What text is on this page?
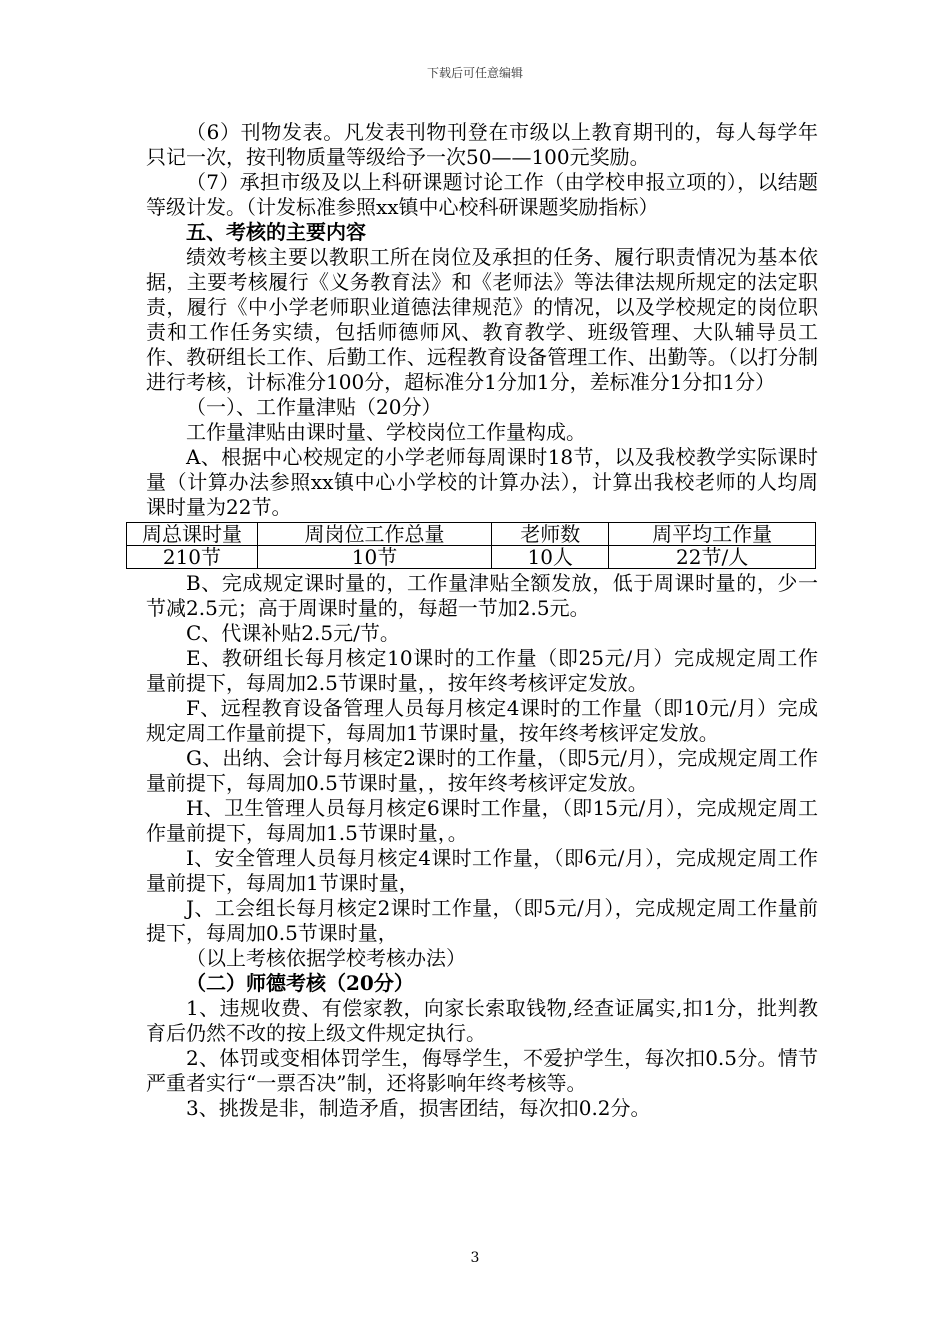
下载后可任意编辑

（6）刊物发表。凡发表刊物刊登在市级以上教育期刊的，每人每学年只记一次，按刊物质量等级给予一次50——100元奖励。

（7）承担市级及以上科研课题讨论工作（由学校申报立项的），以结题等级计发。（计发标准参照xx镇中心校科研课题奖励指标）

五、考核的主要内容

绩效考核主要以教职工所在岗位及承担的任务、履行职责情况为基本依据，主要考核履行《义务教育法》和《老师法》等法律法规所规定的法定职责，履行《中小学老师职业道德法律规范》的情况，以及学校规定的岗位职责和工作任务实绩，包括师德师风、教育教学、班级管理、大队辅导员工作、教研组长工作、后勤工作、远程教育设备管理工作、出勤等。（以打分制进行考核，计标准分100分，超标准分1分加1分，差标准分1分扣1分）

（一）、工作量津贴（20分）

工作量津贴由课时量、学校岗位工作量构成。

A、根据中心校规定的小学老师每周课时18节，以及我校教学实际课时量（计算办法参照xx镇中心小学校的计算办法），计算出我校老师的人均周课时量为22节。

周总课时量	周岗位工作总量	老师数	周平均工作量
210节	10节	10人	22节/人

B、完成规定课时量的，工作量津贴全额发放，低于周课时量的，少一节减2.5元；高于周课时量的，每超一节加2.5元。

C、代课补贴2.5元/节。

E、教研组长每月核定10课时的工作量（即25元/月）完成规定周工作量前提下，每周加2.5节课时量，，按年终考核评定发放。

F、远程教育设备管理人员每月核定4课时的工作量（即10元/月）完成规定周工作量前提下，每周加1节课时量，按年终考核评定发放。

G、出纳、会计每月核定2课时的工作量，（即5元/月），完成规定周工作量前提下，每周加0.5节课时量，，按年终考核评定发放。

H、卫生管理人员每月核定6课时工作量，（即15元/月），完成规定周工作量前提下，每周加1.5节课时量，。

I、安全管理人员每月核定4课时工作量，（即6元/月），完成规定周工作量前提下，每周加1节课时量，

J、工会组长每月核定2课时工作量，（即5元/月），完成规定周工作量前提下，每周加0.5节课时量，

（以上考核依据学校考核办法）

（二）师德考核（20分）

1、违规收费、有偿家教，向家长索取钱物,经查证属实,扣1分，批判教育后仍然不改的按上级文件规定执行。

2、体罚或变相体罚学生，侮辱学生，不爱护学生，每次扣0.5分。情节严重者实行“一票否决”制，还将影响年终考核等。

3、挑拨是非，制造矛盾，损害团结，每次扣0.2分。

3
